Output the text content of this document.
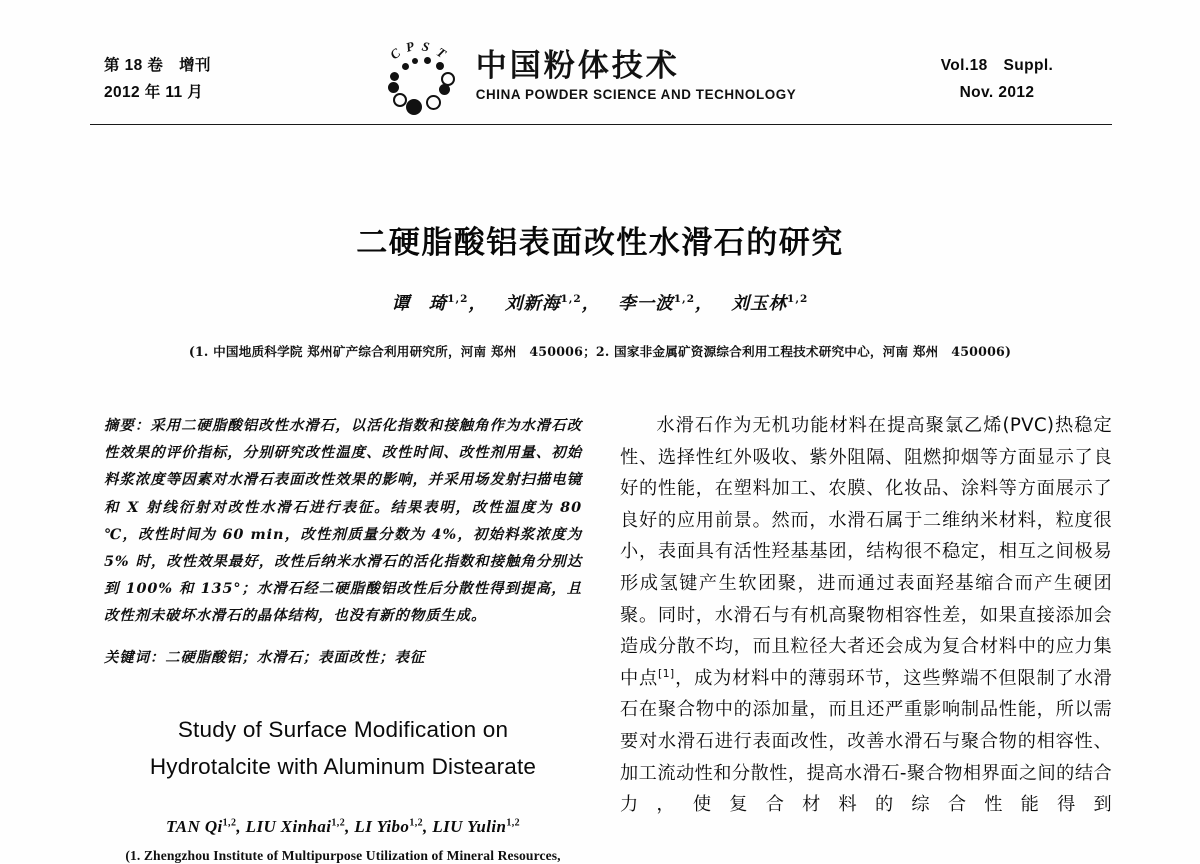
第 18 卷　增刊
2012 年 11 月
C P S T 中国粉体技术
CHINA POWDER SCIENCE AND TECHNOLOGY
Vol.18　Suppl.
Nov. 2012
二硬脂酸铝表面改性水滑石的研究
谭　琦$^{1,2}$， 刘新海$^{1,2}$， 李一波$^{1,2}$， 刘玉林$^{1,2}$
(1. 中国地质科学院 郑州矿产综合利用研究所，河南 郑州　450006；2. 国家非金属矿资源综合利用工程技术研究中心，河南 郑州　450006)
摘要：采用二硬脂酸铝改性水滑石，以活化指数和接触角作为水滑石改性效果的评价指标，分别研究改性温度、改性时间、改性剂用量、初始料浆浓度等因素对水滑石表面改性效果的影响，并采用场发射扫描电镜和 X 射线衍射对改性水滑石进行表征。结果表明，改性温度为 80 ℃，改性时间为 60 min，改性剂质量分数为 4%，初始料浆浓度为 5% 时，改性效果最好，改性后纳米水滑石的活化指数和接触角分别达到 100% 和 135°；水滑石经二硬脂酸铝改性后分散性得到提高，且改性剂未破坏水滑石的晶体结构，也没有新的物质生成。
关键词：二硬脂酸铝；水滑石；表面改性；表征
Study of Surface Modification on
Hydrotalcite with Aluminum Distearate
TAN Qi$^{1,2}$, LIU Xinhai$^{1,2}$, LI Yibo$^{1,2}$, LIU Yulin$^{1,2}$
(1. Zhengzhou Institute of Multipurpose Utilization of Mineral Resources,
水滑石作为无机功能材料在提高聚氯乙烯(PVC)热稳定性、选择性红外吸收、紫外阻隔、阻燃抑烟等方面显示了良好的性能，在塑料加工、农膜、化妆品、涂料等方面展示了良好的应用前景。然而，水滑石属于二维纳米材料，粒度很小，表面具有活性羟基基团，结构很不稳定，相互之间极易形成氢键产生软团聚，进而通过表面羟基缩合而产生硬团聚。同时，水滑石与有机高聚物相容性差，如果直接添加会造成分散不均，而且粒径大者还会成为复合材料中的应力集中点[1]，成为材料中的薄弱环节，这些弊端不但限制了水滑石在聚合物中的添加量，而且还严重影响制品性能，所以需要对水滑石进行表面改性，改善水滑石与聚合物的相容性、加工流动性和分散性，提高水滑石-聚合物相界面之间的结合力，使复合材料的综合性能得到
